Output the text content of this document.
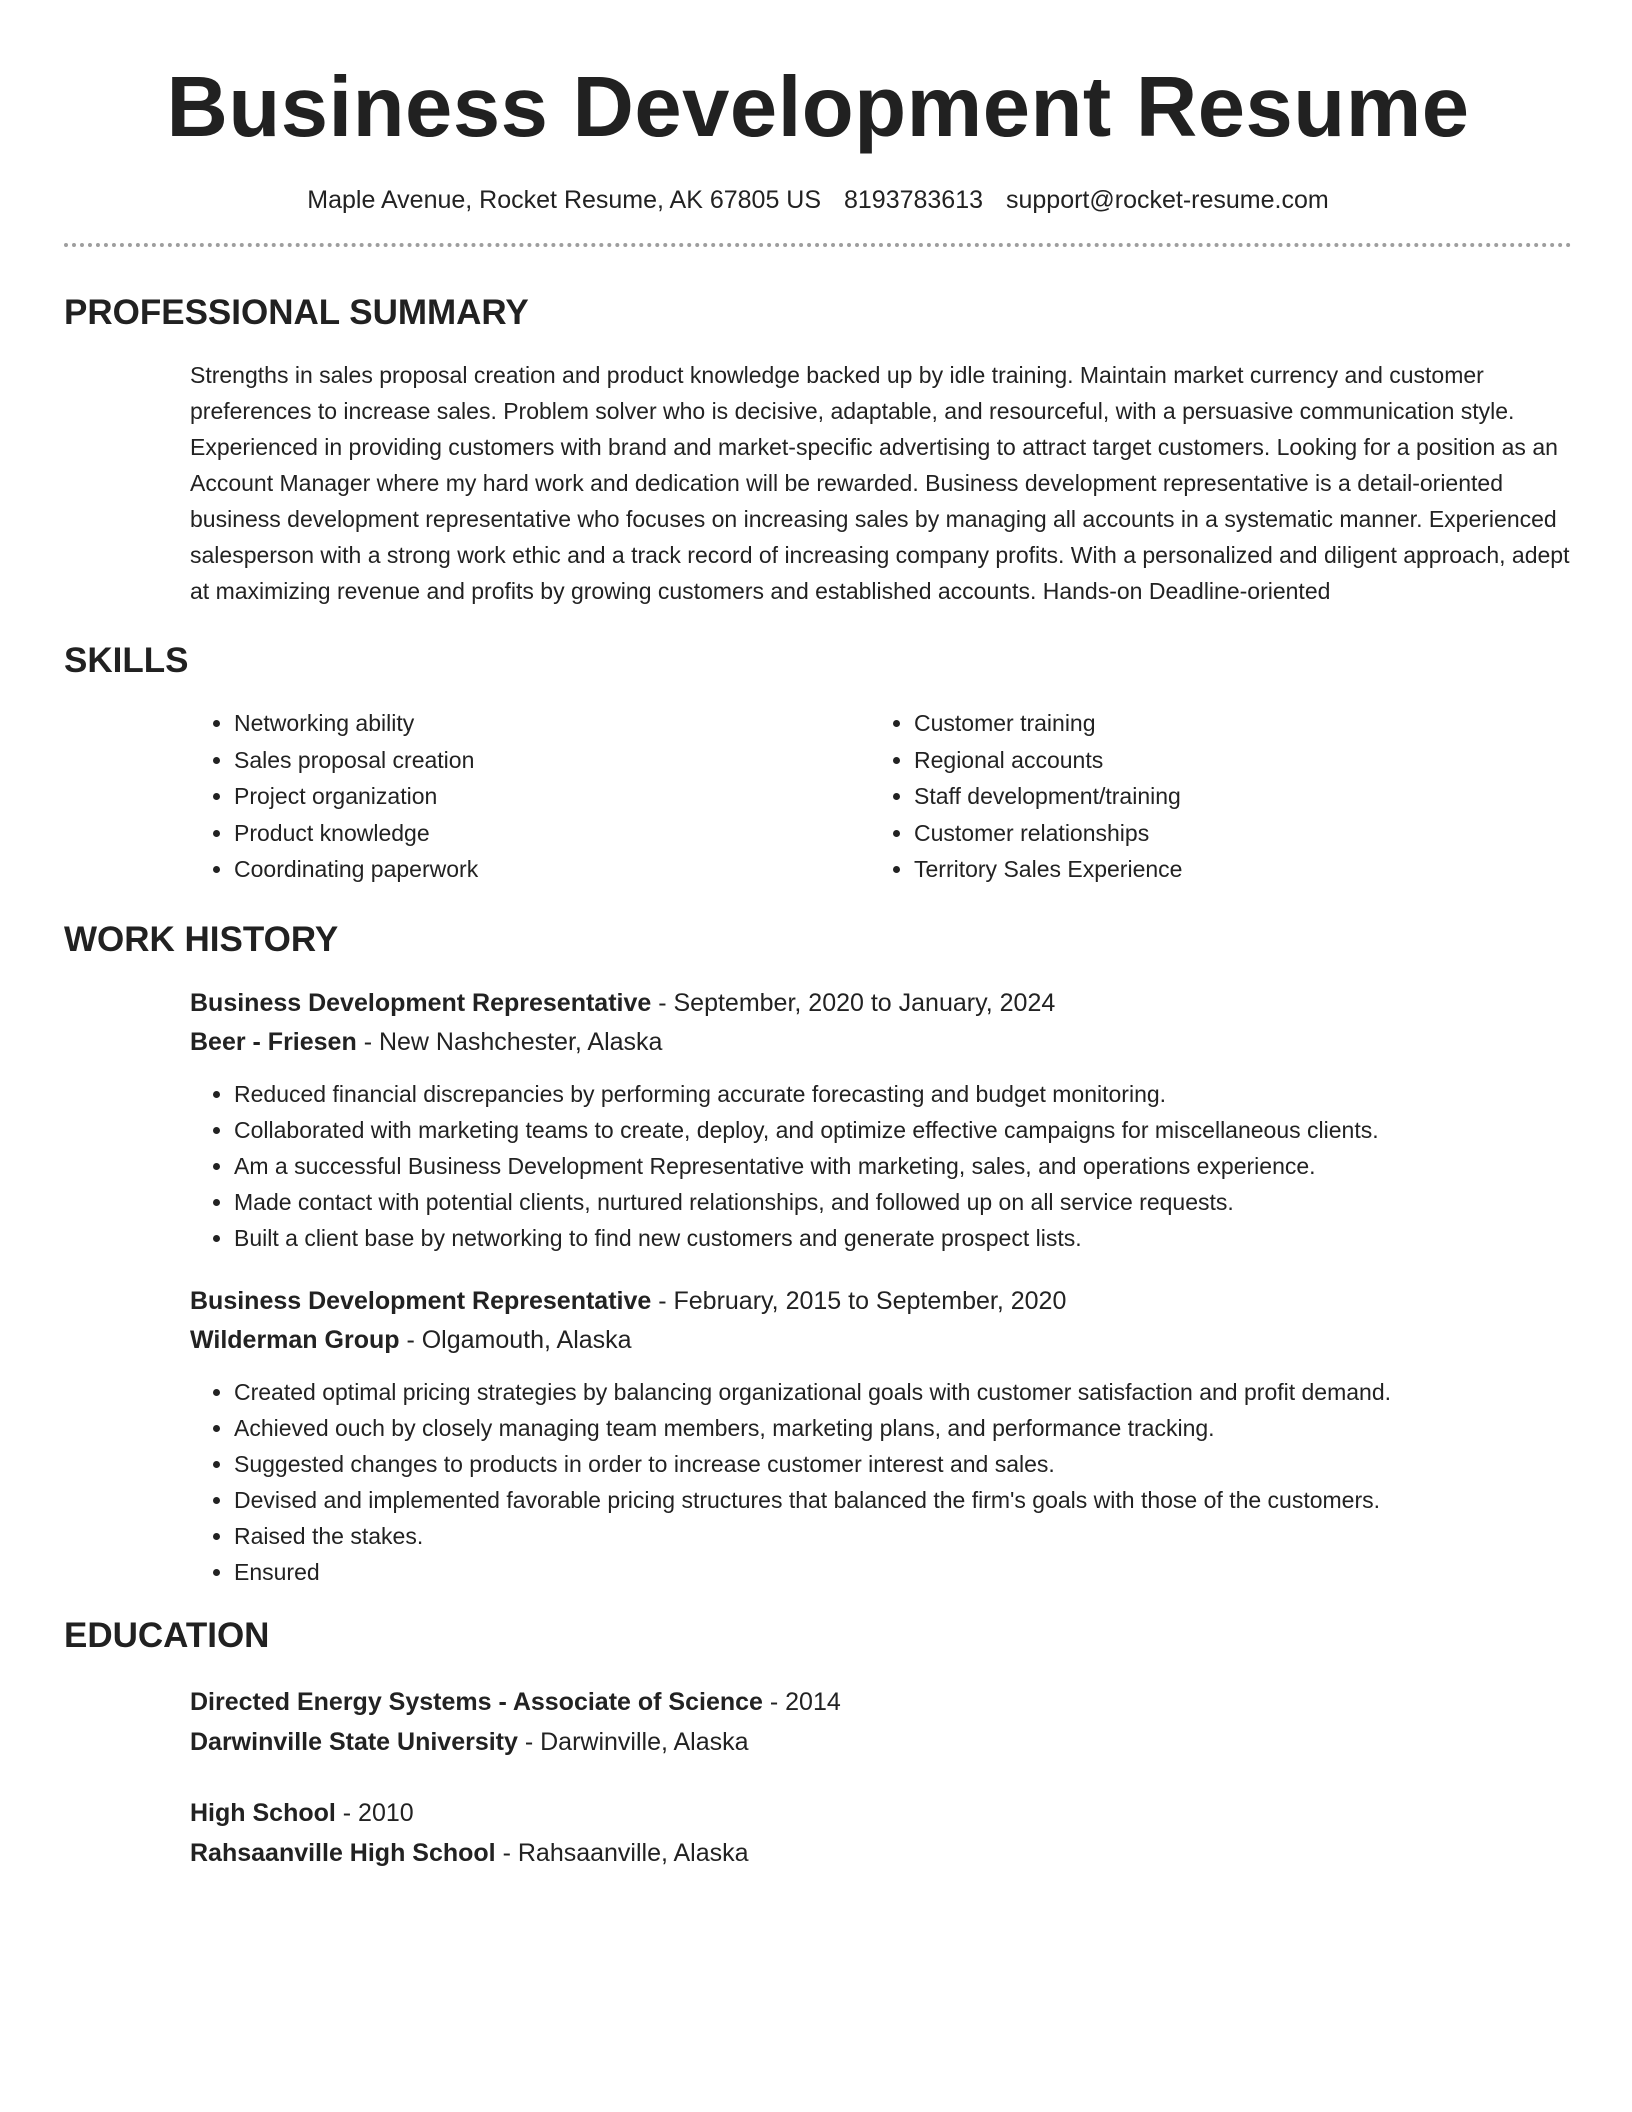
Business Development Resume
Maple Avenue, Rocket Resume, AK 67805 US 8193783613 support@rocket-resume.com
PROFESSIONAL SUMMARY

Strengths in sales proposal creation and product knowledge backed up by idle training. Maintain market currency and customer preferences to increase sales. Problem solver who is decisive, adaptable, and resourceful, with a persuasive communication style. Experienced in providing customers with brand and market-specific advertising to attract target customers. Looking for a position as an Account Manager where my hard work and dedication will be rewarded. Business development representative is a detail-oriented business development representative who focuses on increasing sales by managing all accounts in a systematic manner. Experienced salesperson with a strong work ethic and a track record of increasing company profits. With a personalized and diligent approach, adept at maximizing revenue and profits by growing customers and established accounts. Hands-on Deadline-oriented

SKILLS
• Networking ability
• Sales proposal creation
• Project organization
• Product knowledge
• Coordinating paperwork
• Customer training
• Regional accounts
• Staff development/training
• Customer relationships
• Territory Sales Experience
WORK HISTORY
Business Development Representative - September, 2020 to January, 2024
Beer - Friesen - New Nashchester, Alaska
• Reduced financial discrepancies by performing accurate forecasting and budget monitoring.
• Collaborated with marketing teams to create, deploy, and optimize effective campaigns for miscellaneous clients.
• Am a successful Business Development Representative with marketing, sales, and operations experience.
• Made contact with potential clients, nurtured relationships, and followed up on all service requests.
• Built a client base by networking to find new customers and generate prospect lists.
Business Development Representative - February, 2015 to September, 2020
Wilderman Group - Olgamouth, Alaska
• Created optimal pricing strategies by balancing organizational goals with customer satisfaction and profit demand.
• Achieved ouch by closely managing team members, marketing plans, and performance tracking.
• Suggested changes to products in order to increase customer interest and sales.
• Devised and implemented favorable pricing structures that balanced the firm's goals with those of the customers.
• Raised the stakes.
• Ensured
EDUCATION
Directed Energy Systems - Associate of Science - 2014
Darwinville State University - Darwinville, Alaska
High School - 2010
Rahsaanville High School - Rahsaanville, Alaska
